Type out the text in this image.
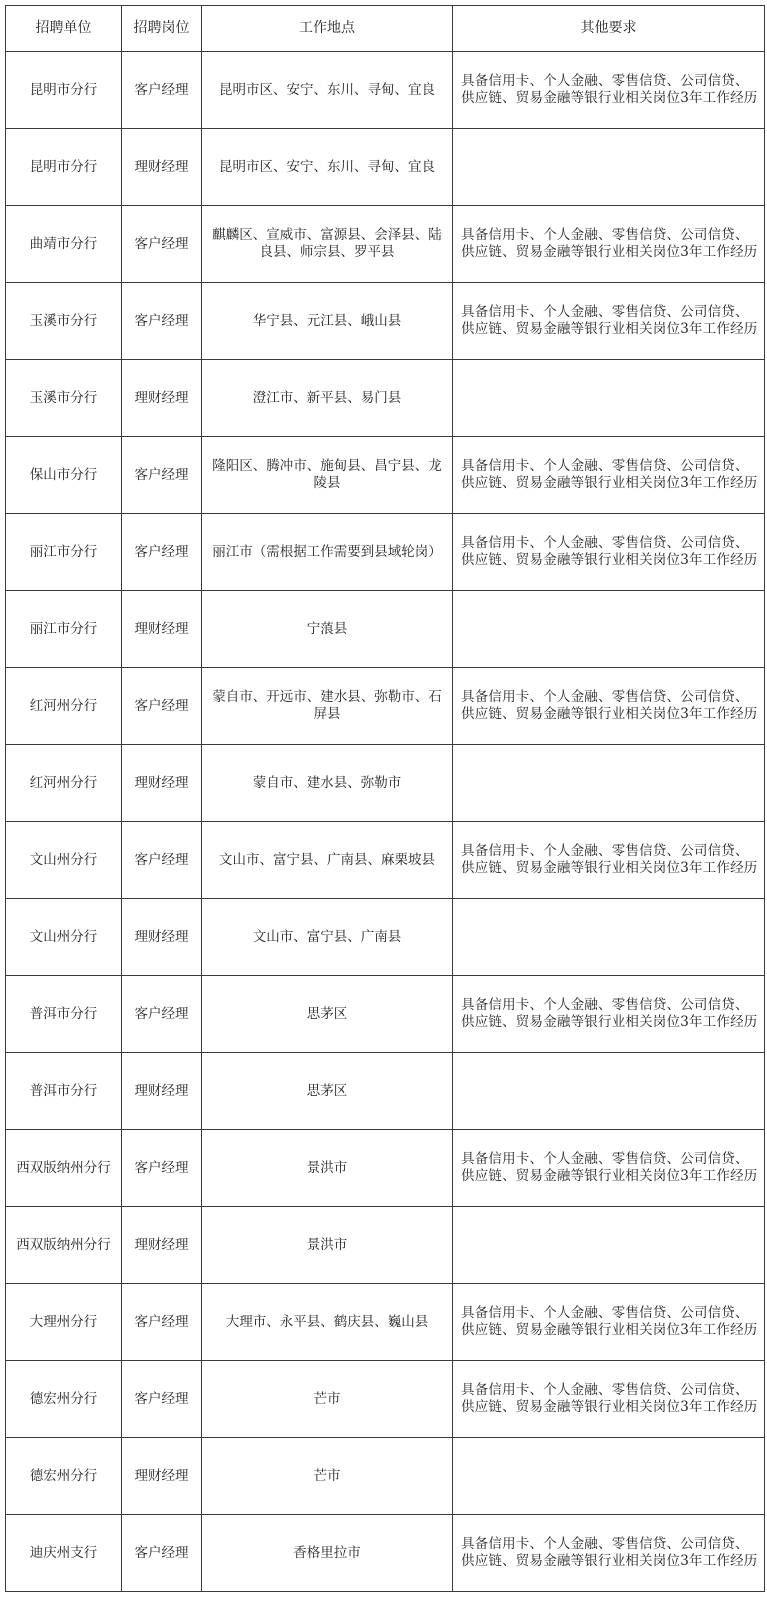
招聘单位	招聘岗位	工作地点	其他要求
昆明市分行	客户经理	昆明市区、安宁、东川、寻甸、宜良	具备信用卡、个人金融、零售信贷、公司信贷、供应链、贸易金融等银行业相关岗位3年工作经历
昆明市分行	理财经理	昆明市区、安宁、东川、寻甸、宜良	
曲靖市分行	客户经理	麒麟区、宣威市、富源县、会泽县、陆良县、师宗县、罗平县	具备信用卡、个人金融、零售信贷、公司信贷、供应链、贸易金融等银行业相关岗位3年工作经历
玉溪市分行	客户经理	华宁县、元江县、峨山县	具备信用卡、个人金融、零售信贷、公司信贷、供应链、贸易金融等银行业相关岗位3年工作经历
玉溪市分行	理财经理	澄江市、新平县、易门县	
保山市分行	客户经理	隆阳区、腾冲市、施甸县、昌宁县、龙陵县	具备信用卡、个人金融、零售信贷、公司信贷、供应链、贸易金融等银行业相关岗位3年工作经历
丽江市分行	客户经理	丽江市（需根据工作需要到县域轮岗）	具备信用卡、个人金融、零售信贷、公司信贷、供应链、贸易金融等银行业相关岗位3年工作经历
丽江市分行	理财经理	宁蒗县	
红河州分行	客户经理	蒙自市、开远市、建水县、弥勒市、石屏县	具备信用卡、个人金融、零售信贷、公司信贷、供应链、贸易金融等银行业相关岗位3年工作经历
红河州分行	理财经理	蒙自市、建水县、弥勒市	
文山州分行	客户经理	文山市、富宁县、广南县、麻栗坡县	具备信用卡、个人金融、零售信贷、公司信贷、供应链、贸易金融等银行业相关岗位3年工作经历
文山州分行	理财经理	文山市、富宁县、广南县	
普洱市分行	客户经理	思茅区	具备信用卡、个人金融、零售信贷、公司信贷、供应链、贸易金融等银行业相关岗位3年工作经历
普洱市分行	理财经理	思茅区	
西双版纳州分行	客户经理	景洪市	具备信用卡、个人金融、零售信贷、公司信贷、供应链、贸易金融等银行业相关岗位3年工作经历
西双版纳州分行	理财经理	景洪市	
大理州分行	客户经理	大理市、永平县、鹤庆县、巍山县	具备信用卡、个人金融、零售信贷、公司信贷、供应链、贸易金融等银行业相关岗位3年工作经历
德宏州分行	客户经理	芒市	具备信用卡、个人金融、零售信贷、公司信贷、供应链、贸易金融等银行业相关岗位3年工作经历
德宏州分行	理财经理	芒市	
迪庆州支行	客户经理	香格里拉市	具备信用卡、个人金融、零售信贷、公司信贷、供应链、贸易金融等银行业相关岗位3年工作经历
